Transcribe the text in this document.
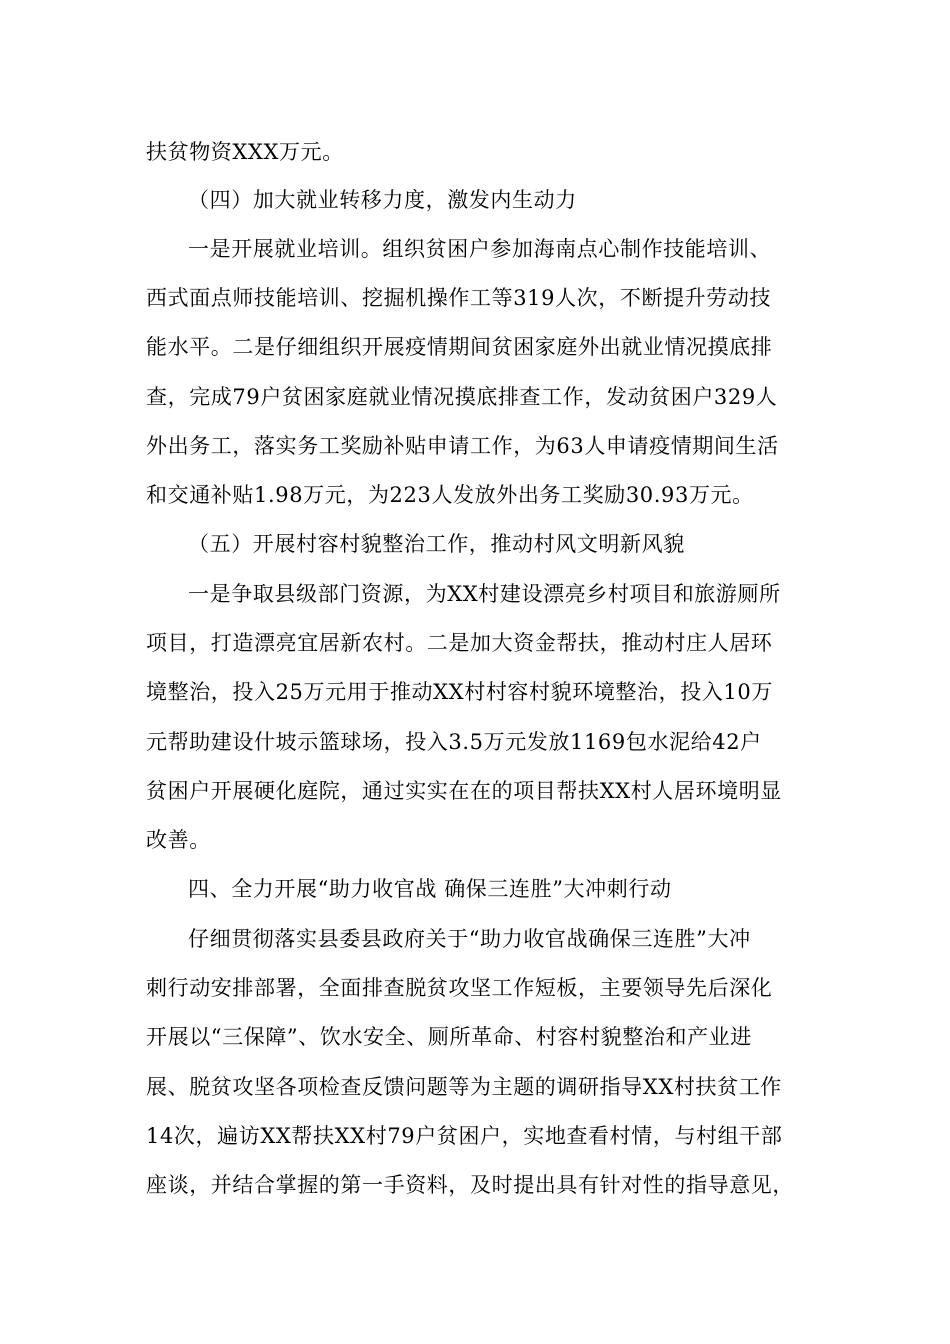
扶贫物资XXX万元。
（四）加大就业转移力度，激发内生动力
一是开展就业培训。组织贫困户参加海南点心制作技能培训、
西式面点师技能培训、挖掘机操作工等319人次，不断提升劳动技
能水平。二是仔细组织开展疫情期间贫困家庭外出就业情况摸底排
查，完成79户贫困家庭就业情况摸底排查工作，发动贫困户329人
外出务工，落实务工奖励补贴申请工作，为63人申请疫情期间生活
和交通补贴1.98万元，为223人发放外出务工奖励30.93万元。
（五）开展村容村貌整治工作，推动村风文明新风貌
一是争取县级部门资源，为XX村建设漂亮乡村项目和旅游厕所
项目，打造漂亮宜居新农村。二是加大资金帮扶，推动村庄人居环
境整治，投入25万元用于推动XX村村容村貌环境整治，投入10万
元帮助建设什坡示篮球场，投入3.5万元发放1169包水泥给42户
贫困户开展硬化庭院，通过实实在在的项目帮扶XX村人居环境明显
改善。
四、全力开展“助力收官战 确保三连胜”大冲刺行动
仔细贯彻落实县委县政府关于“助力收官战确保三连胜”大冲
刺行动安排部署，全面排查脱贫攻坚工作短板，主要领导先后深化
开展以“三保障”、饮水安全、厕所革命、村容村貌整治和产业进
展、脱贫攻坚各项检查反馈问题等为主题的调研指导XX村扶贫工作
14次，遍访XX帮扶XX村79户贫困户，实地查看村情，与村组干部
座谈，并结合掌握的第一手资料，及时提出具有针对性的指导意见，
